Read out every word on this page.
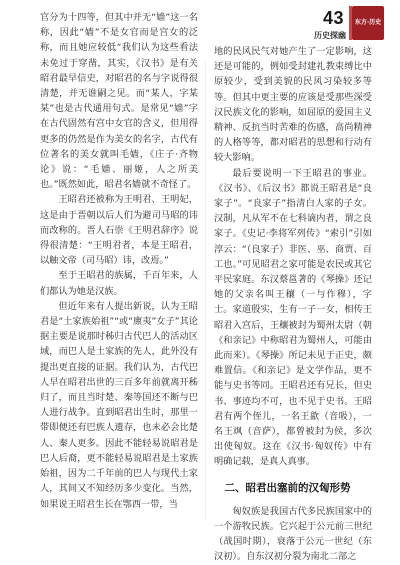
43
历史探幽
东方·历史

官分为十四等，但其中并无“嫱”这一名称，因此“嫱”不是女官而是宫女的泛称，而且她应较低“我们认为这些看法未免过于穿凿，其实，《汉书》是有关昭君最早信史，对昭君的名与字说得很清楚，并无谁嗣之见。而“某人，字某某”也是古代通用句式。是常见“嫱”字在古代固然有宫中女官的含义，但用得更多的仍然是作为美女的名字，古代有位著名的美女就叫毛嫱，《庄子·齐物论》说：“毛嫱、丽姬，人之所美也。”既然如此，昭君名嫱就不奇怪了。

王昭君还被称为王明君、王明妃，这是由于晋朝以后人们为避司马昭的讳而改称的。晋人石崇《王明君辞序》说得很清楚：“王明君者，本是王昭君，以触文帝（司马昭）讳，改焉。”

至于王昭君的族属，千百年来，人们都认为她是汉族。

但近年来有人提出新说，认为王昭君是“土家族始祖”“或“廪夷”女子”其论据主要是说那时秭归古代巴人的活动区域，而巴人是土家族的先人，此外没有提出更直接的证据。我们认为，古代巴人早在昭君出世的三百多年前就离开秭归了，而且当时楚、秦等国还不断与巴人进行战争。直到昭君出生时，那里一带即便还有巴族人遗存，也未必会比楚人、秦人更多。因此不能轻易说昭君是巴人后裔，更不能轻易说昭君是土家族始祖，因为二千年前的巴人与现代土家人，其间又不知经历多少变化。当然，如果说王昭君生长在鄂西一带，当

地的民风民气对她产生了一定影响，这还是可能的，例如受封建礼教束缚比中原较少，受到美貌的民风习染较多等等。但其中更主要的应该是受那些深受汉民族文化的影响，如屈原的爱国主义精神、反抗当时苦难的伤感，高尚精神的人格等等，都对昭君的思想和行动有较大影响。

最后要说明一下王昭君的事业。《汉书》、《后汉书》都说王昭君是“良家子”。“良家子”指清白人家的子女。汉制，凡从军不在七科谪内者，谓之良家子。《史记·李将军列传》“索引”引如淳云：“（良家子）非医、巫、商贾、百工也。”可见昭君之家可能是农民或其它平民家庭。东汉蔡邕著的《琴操》还记她的父亲名叫王穰（一与作穆），字士。家道殷实，生有一子一女，相传王昭君入宫后，王穰被封为蜀州太尉（朝《和亲记》中称昭君为蜀州人，可能由此而来）。《琴操》所记未见于正史，颇难置信。《和亲记》是文学作品，更不能与史书等同。王昭君还有兄长，但史书、事迹均不可，也不见于史书。王昭君有两个侄儿，一名王歙（音吸），一名王飒（音萨），都曾被封为侯，多次出使匈奴。这在《汉书·匈奴传》中有明确记载，是真人真事。

二、昭君出塞前的汉匈形势

匈奴族是我国古代多民族国家中的一个游牧民族。它兴起于公元前三世纪（战国时期），衰落于公元一世纪（东汉初）。自东汉初分裂为南北二部之
